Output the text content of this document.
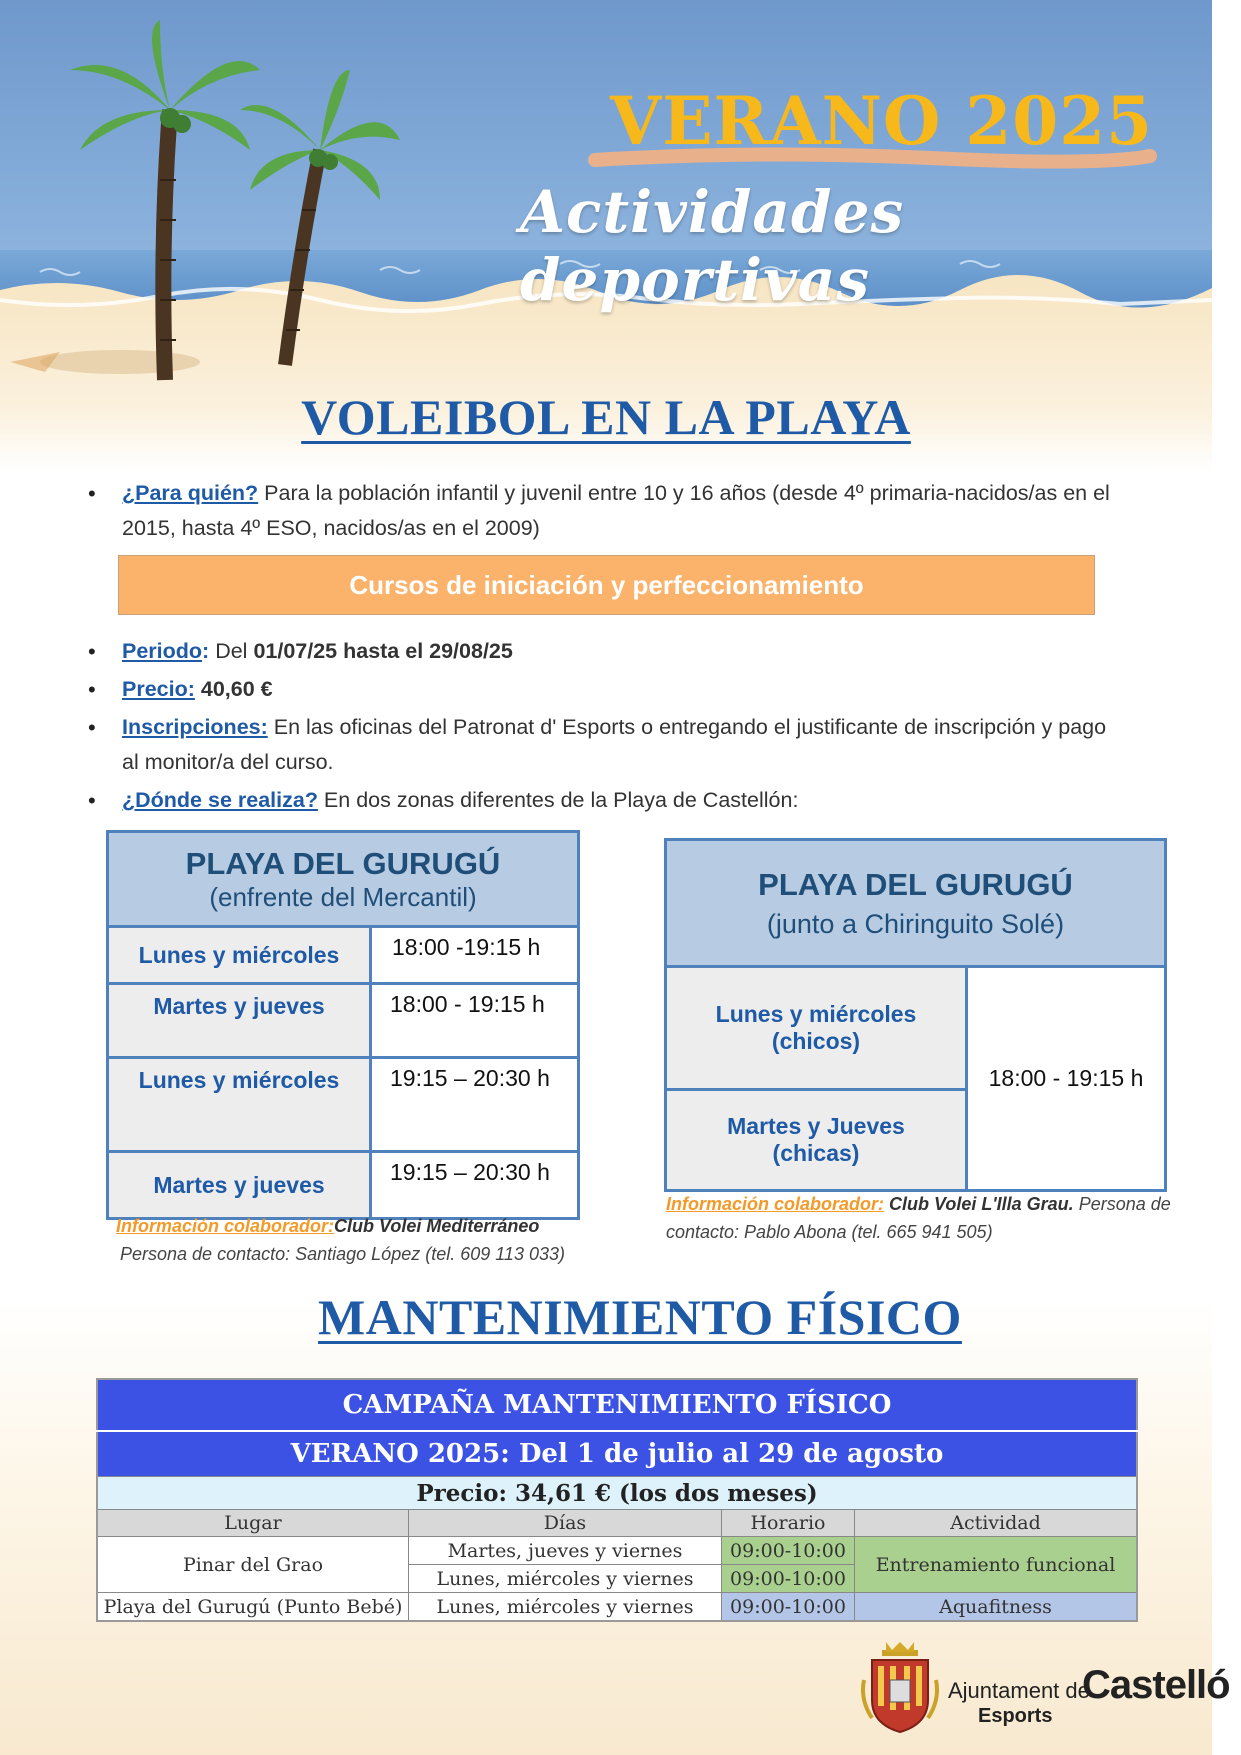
VERANO 2025
Actividades deportivas
VOLEIBOL EN LA PLAYA
• ¿Para quién? Para la población infantil y juvenil entre 10 y 16 años (desde 4º primaria-nacidos/as en el 2015, hasta 4º ESO, nacidos/as en el 2009)
Cursos de iniciación y perfeccionamiento
• Periodo: Del 01/07/25 hasta el 29/08/25
• Precio: 40,60 €
• Inscripciones: En las oficinas del Patronat d' Esports o entregando el justificante de inscripción y pago al monitor/a del curso.
• ¿Dónde se realiza? En dos zonas diferentes de la Playa de Castellón:
PLAYA DEL GURUGÚ
(enfrente del Mercantil)	

Lunes y miércoles	18:00 -19:15 h
Martes y jueves	18:00 - 19:15 h
Lunes y miércoles	19:15 – 20:30 h
Martes y jueves	19:15 – 20:30 h
Información colaborador:Club Volei Mediterráneo
Persona de contacto: Santiago López (tel. 609 113 033)
PLAYA DEL GURUGÚ
(junto a Chiringuito Solé)

Lunes y miércoles
(chicos)
	18:00 - 19:15 h

Martes y Jueves
(chicas)
Información colaborador: Club Volei L'Illa Grau. Persona de contacto: Pablo Abona (tel. 665 941 505)
MANTENIMIENTO FÍSICO
CAMPAÑA MANTENIMIENTO FÍSICO			
VERANO 2025: Del 1 de julio al 29 de agosto			
Precio: 34,61 € (los dos meses)			
Lugar	Días	Horario	Actividad
Pinar del Grao	Martes, jueves y viernes	09:00-10:00	Entrenamiento funcional
	Lunes, miércoles y viernes	09:00-10:00	
Playa del Gurugú (Punto Bebé)	Lunes, miércoles y viernes	09:00-10:00	Aquafitness
Ajuntament de
Castelló
Esports
